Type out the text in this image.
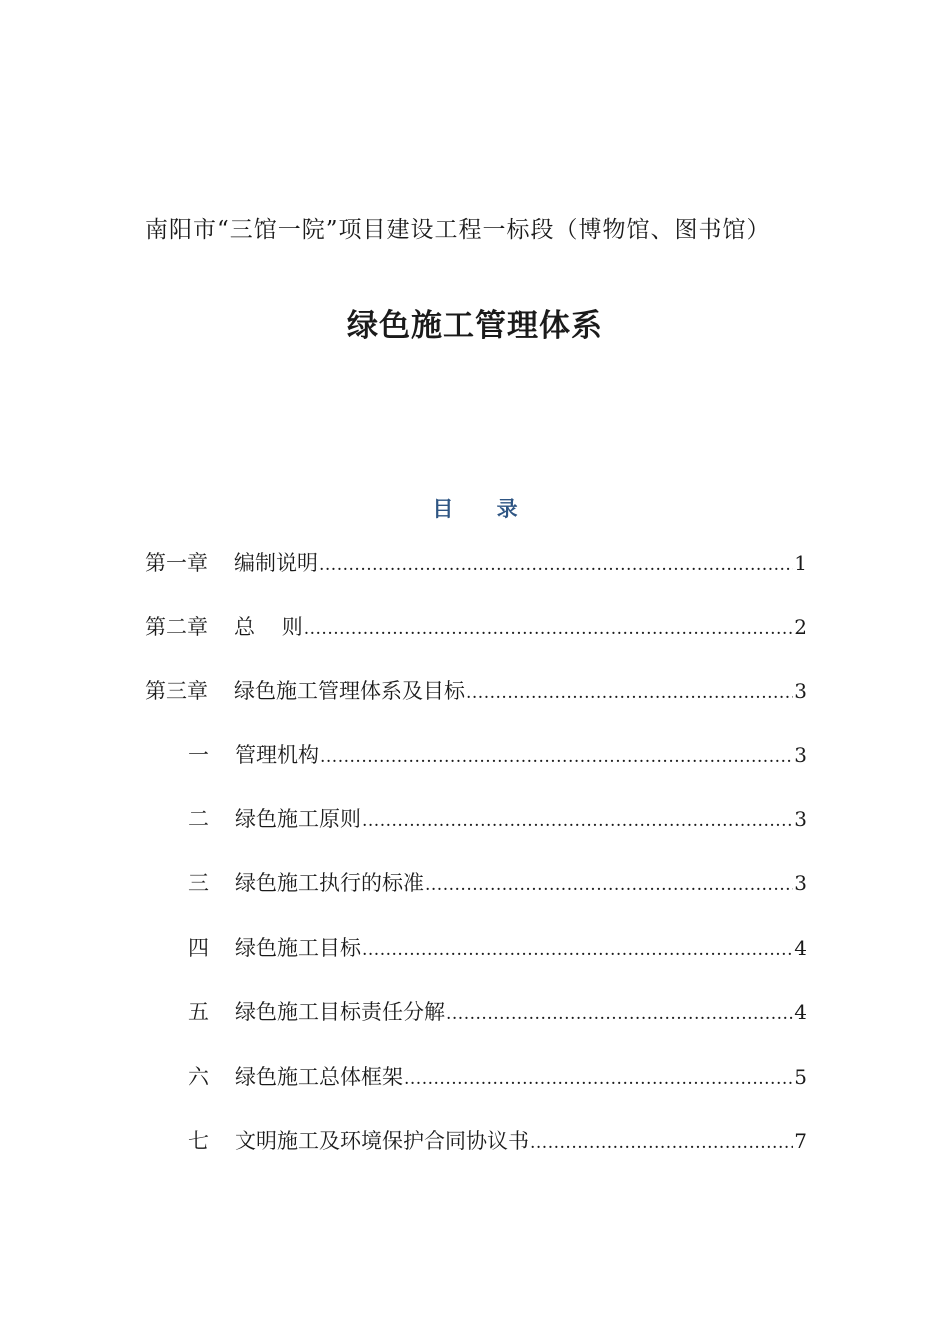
南阳市“三馆一院”项目建设工程一标段（博物馆、图书馆）
绿色施工管理体系
目 录
第一章 编制说明 .....	1
第二章 总    则 .....	2
第三章 绿色施工管理体系及目标 .....	3
一 管理机构 .....	3
二 绿色施工原则 .....	3
三 绿色施工执行的标准 .....	3
四 绿色施工目标 .....	4
五 绿色施工目标责任分解 .....	4
六 绿色施工总体框架 .....	5
七 文明施工及环境保护合同协议书 .....	7
